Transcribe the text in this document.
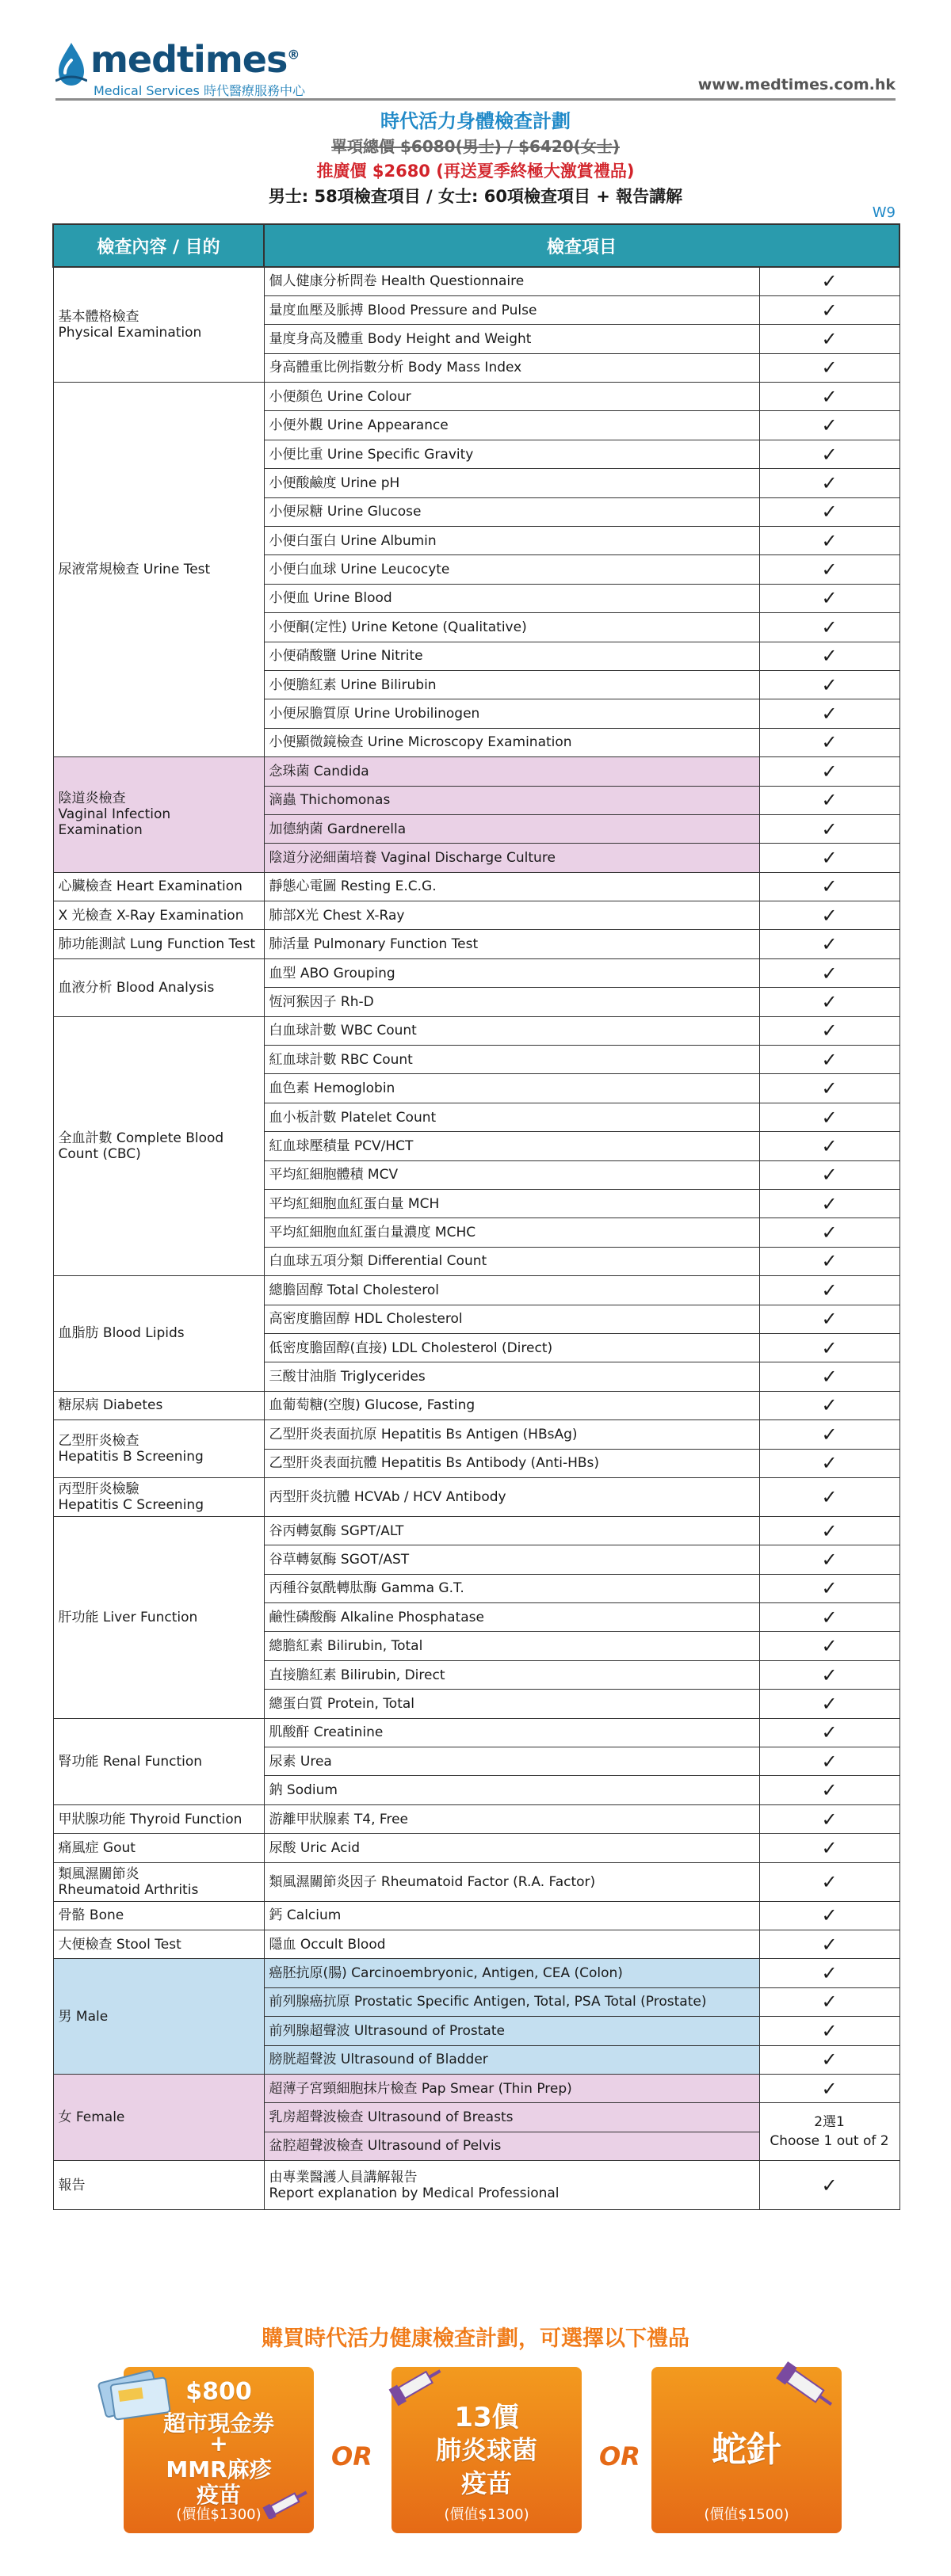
medtimes®
Medical Services 時代醫療服務中心	www.medtimes.com.hk
時代活力身體檢查計劃
單項總價 $6080(男士) / $6420(女士)
推廣價 $2680 (再送夏季終極大激賞禮品)
男士: 58項檢查項目 / 女士: 60項檢查項目 + 報告講解
W9
檢查內容 / 目的	檢查項目	

基本體格檢查
Physical Examination	個人健康分析問卷 Health Questionnaire	✓
	量度血壓及脈搏 Blood Pressure and Pulse	✓
	量度身高及體重 Body Height and Weight	✓
	身高體重比例指數分析 Body Mass Index	✓

尿液常規檢查 Urine Test	小便顏色 Urine Colour	✓
	小便外觀 Urine Appearance	✓
	小便比重 Urine Specific Gravity	✓
	小便酸鹼度 Urine pH	✓
	小便尿糖 Urine Glucose	✓
	小便白蛋白 Urine Albumin	✓
	小便白血球 Urine Leucocyte	✓
	小便血 Urine Blood	✓
	小便酮(定性) Urine Ketone (Qualitative)	✓
	小便硝酸鹽 Urine Nitrite	✓
	小便膽紅素 Urine Bilirubin	✓
	小便尿膽質原 Urine Urobilinogen	✓
	小便顯微鏡檢查 Urine Microscopy Examination	✓

陰道炎檢查
Vaginal Infection Examination	念珠菌 Candida	✓
	滴蟲 Thichomonas	✓
	加德納菌 Gardnerella	✓
	陰道分泌細菌培養 Vaginal Discharge Culture	✓

心臟檢查 Heart Examination	靜態心電圖 Resting E.C.G.	✓

X 光檢查 X-Ray Examination	肺部X光 Chest X-Ray	✓

肺功能測試 Lung Function Test	肺活量 Pulmonary Function Test	✓

血液分析 Blood Analysis	血型 ABO Grouping	✓
	恆河猴因子 Rh-D	✓

全血計數 Complete Blood
Count (CBC)	白血球計數 WBC Count	✓
	紅血球計數 RBC Count	✓
	血色素 Hemoglobin	✓
	血小板計數 Platelet Count	✓
	紅血球壓積量 PCV/HCT	✓
	平均紅細胞體積 MCV	✓
	平均紅細胞血紅蛋白量 MCH	✓
	平均紅細胞血紅蛋白量濃度 MCHC	✓
	白血球五項分類 Differential Count	✓

血脂肪 Blood Lipids	總膽固醇 Total Cholesterol	✓
	高密度膽固醇 HDL Cholesterol	✓
	低密度膽固醇(直接) LDL Cholesterol (Direct)	✓
	三酸甘油脂 Triglycerides	✓

糖尿病 Diabetes	血葡萄糖(空腹) Glucose, Fasting	✓

乙型肝炎檢查
Hepatitis B Screening	乙型肝炎表面抗原 Hepatitis Bs Antigen (HBsAg)	✓
	乙型肝炎表面抗體 Hepatitis Bs Antibody (Anti-HBs)	✓

丙型肝炎檢驗
Hepatitis C Screening	丙型肝炎抗體 HCVAb / HCV Antibody	✓

肝功能 Liver Function	谷丙轉氨酶 SGPT/ALT	✓
	谷草轉氨酶 SGOT/AST	✓
	丙種谷氨酰轉肽酶 Gamma G.T.	✓
	鹼性磷酸酶 Alkaline Phosphatase	✓
	總膽紅素 Bilirubin, Total	✓
	直接膽紅素 Bilirubin, Direct	✓
	總蛋白質 Protein, Total	✓

腎功能 Renal Function	肌酸酐 Creatinine	✓
	尿素 Urea	✓
	鈉 Sodium	✓

甲狀腺功能 Thyroid Function	游離甲狀腺素 T4, Free	✓

痛風症 Gout	尿酸 Uric Acid	✓

類風濕關節炎
Rheumatoid Arthritis	類風濕關節炎因子 Rheumatoid Factor (R.A. Factor)	✓

骨骼 Bone	鈣 Calcium	✓

大便檢查 Stool Test	隱血 Occult Blood	✓

男 Male	癌胚抗原(腸) Carcinoembryonic, Antigen, CEA (Colon)	✓
	前列腺癌抗原 Prostatic Specific Antigen, Total, PSA Total (Prostate)	✓
	前列腺超聲波 Ultrasound of Prostate	✓
	膀胱超聲波 Ultrasound of Bladder	✓

女 Female	超薄子宮頸細胞抹片檢查 Pap Smear (Thin Prep)	✓
	乳房超聲波檢查 Ultrasound of Breasts	2選1
Choose 1 out of 2

	盆腔超聲波檢查 Ultrasound of Pelvis	

報告	由專業醫護人員講解報告
Report explanation by Medical Professional	✓
購買時代活力健康檢查計劃，可選擇以下禮品
$800
超市現金券
+
MMR麻疹
疫苗
(價值$1300)
OR
13價
肺炎球菌
疫苗
(價值$1300)
OR	蛇針
(價值$1500)
